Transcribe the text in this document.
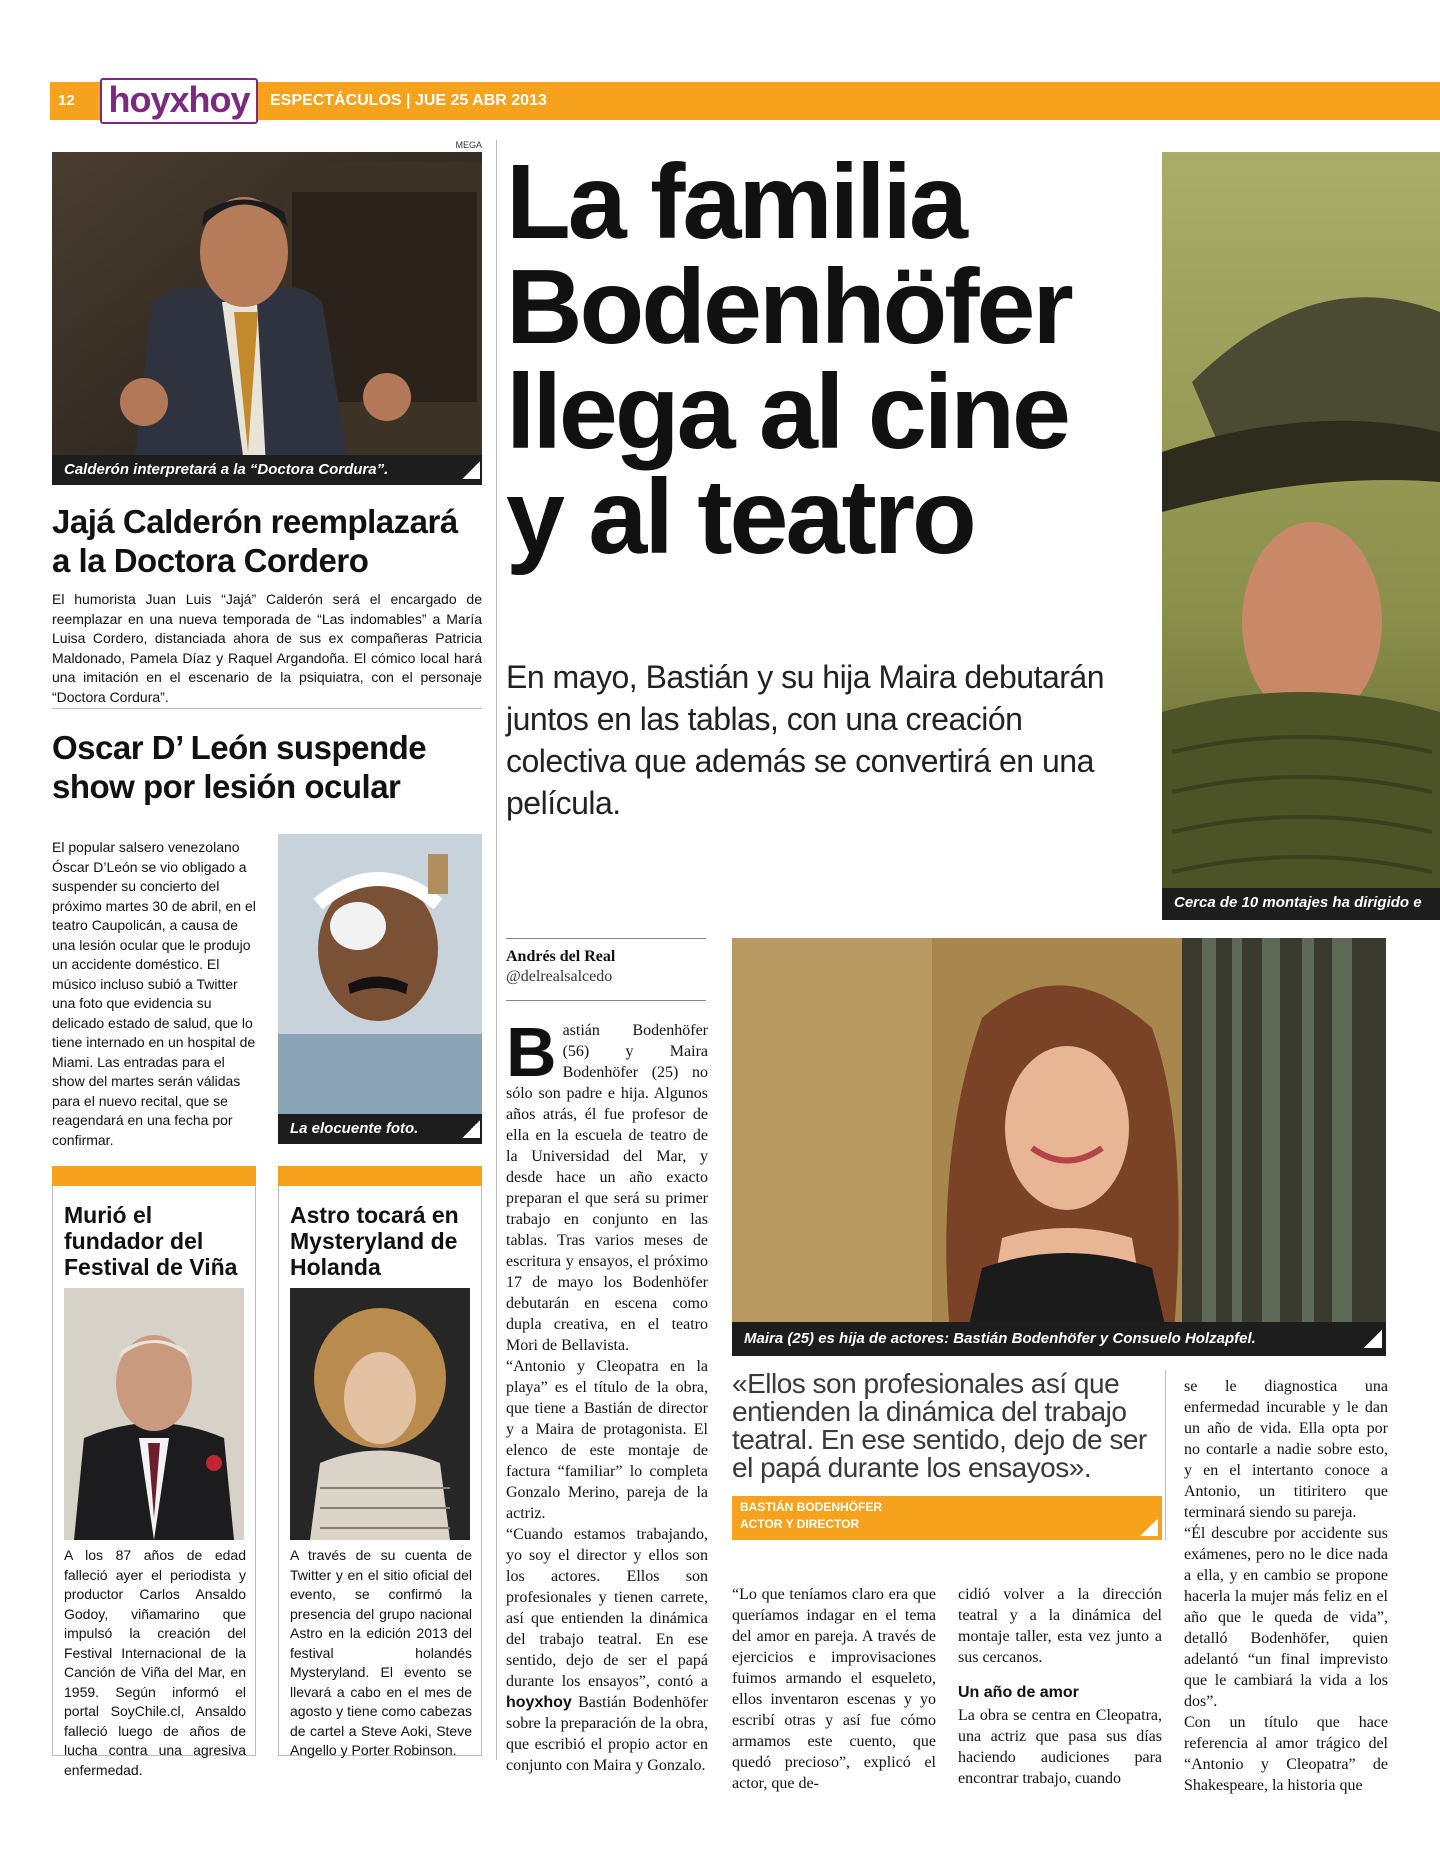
12 hoyxhoy	ESPECTÁCULOS | JUE 25 ABR 2013
MEGA
Calderón interpretará a la “Doctora Cordura”.
Jajá Calderón reemplazará a la Doctora Cordero
El humorista Juan Luis “Jajá” Calderón será el encargado de reemplazar en una nueva temporada de “Las indomables” a María Luisa Cordero, distanciada ahora de sus ex compañeras Patricia Maldonado, Pamela Díaz y Raquel Argandoña. El cómico local hará una imitación en el escenario de la psiquiatra, con el personaje “Doctora Cordura”.
Oscar D’ León suspende show por lesión ocular
El popular salsero venezolano Óscar D’León se vio obligado a suspender su concierto del próximo martes 30 de abril, en el teatro Caupolicán, a causa de una lesión ocular que le produjo un accidente doméstico. El músico incluso subió a Twitter una foto que evidencia su delicado estado de salud, que lo tiene internado en un hospital de Miami. Las entradas para el show del martes serán válidas para el nuevo recital, que se reagendará en una fecha por confirmar.
La elocuente foto.
Murió el fundador del Festival de Viña
A los 87 años de edad falleció ayer el periodista y productor Carlos Ansaldo Godoy, viñamarino que impulsó la creación del Festival Internacional de la Canción de Viña del Mar, en 1959. Según informó el portal SoyChile.cl, Ansaldo falleció luego de años de lucha contra una agresiva enfermedad.
Astro tocará en Mysteryland de Holanda
A través de su cuenta de Twitter y en el sitio oficial del evento, se confirmó la presencia del grupo nacional Astro en la edición 2013 del festival holandés Mysteryland. El evento se llevará a cabo en el mes de agosto y tiene como cabezas de cartel a Steve Aoki, Steve Angello y Porter Robinson.
La familia
Bodenhöfer
llega al cine
y al teatro
En mayo, Bastián y su hija Maira debutarán juntos en las tablas, con una creación colectiva que además se convertirá en una película.
Cerca de 10 montajes ha dirigido e
Andrés del Real
@delrealsalcedo
Bastián Bodenhöfer (56) y Maira Bodenhöfer (25) no sólo son padre e hija. Algunos años atrás, él fue profesor de ella en la escuela de teatro de la Universidad del Mar, y desde hace un año exacto preparan el que será su primer trabajo en conjunto en las tablas. Tras varios meses de escritura y ensayos, el próximo 17 de mayo los Bodenhöfer debutarán en escena como dupla creativa, en el teatro Mori de Bellavista.
“Antonio y Cleopatra en la playa” es el título de la obra, que tiene a Bastián de director y a Maira de protagonista. El elenco de este montaje de factura “familiar” lo completa Gonzalo Merino, pareja de la actriz.
“Cuando estamos trabajando, yo soy el director y ellos son los actores. Ellos son profesionales y tienen carrete, así que entienden la dinámica del trabajo teatral. En ese sentido, dejo de ser el papá durante los ensayos”, contó a hoyxhoy Bastián Bodenhöfer sobre la preparación de la obra, que escribió el propio actor en conjunto con Maira y Gonzalo.
Maira (25) es hija de actores: Bastián Bodenhöfer y Consuelo Holzapfel.
«Ellos son profesionales así que entienden la dinámica del trabajo teatral. En ese sentido, dejo de ser el papá durante los ensayos».
BASTIÁN BODENHÖFER
ACTOR Y DIRECTOR
“Lo que teníamos claro era que queríamos indagar en el tema del amor en pareja. A través de ejercicios e improvisaciones fuimos armando el esqueleto, ellos inventaron escenas y yo escribí otras y así fue cómo armamos este cuento, que quedó precioso”, explicó el actor, que de-
cidió volver a la dirección teatral y a la dinámica del montaje taller, esta vez junto a sus cercanos.
Un año de amor
La obra se centra en Cleopatra, una actriz que pasa sus días haciendo audiciones para encontrar trabajo, cuando
se le diagnostica una enfermedad incurable y le dan un año de vida. Ella opta por no contarle a nadie sobre esto, y en el intertanto conoce a Antonio, un titiritero que terminará siendo su pareja.
“Él descubre por accidente sus exámenes, pero no le dice nada a ella, y en cambio se propone hacerla la mujer más feliz en el año que le queda de vida”, detalló Bodenhöfer, quien adelantó “un final imprevisto que le cambiará la vida a los dos”.
Con un título que hace referencia al amor trágico del “Antonio y Cleopatra” de Shakespeare, la historia que
